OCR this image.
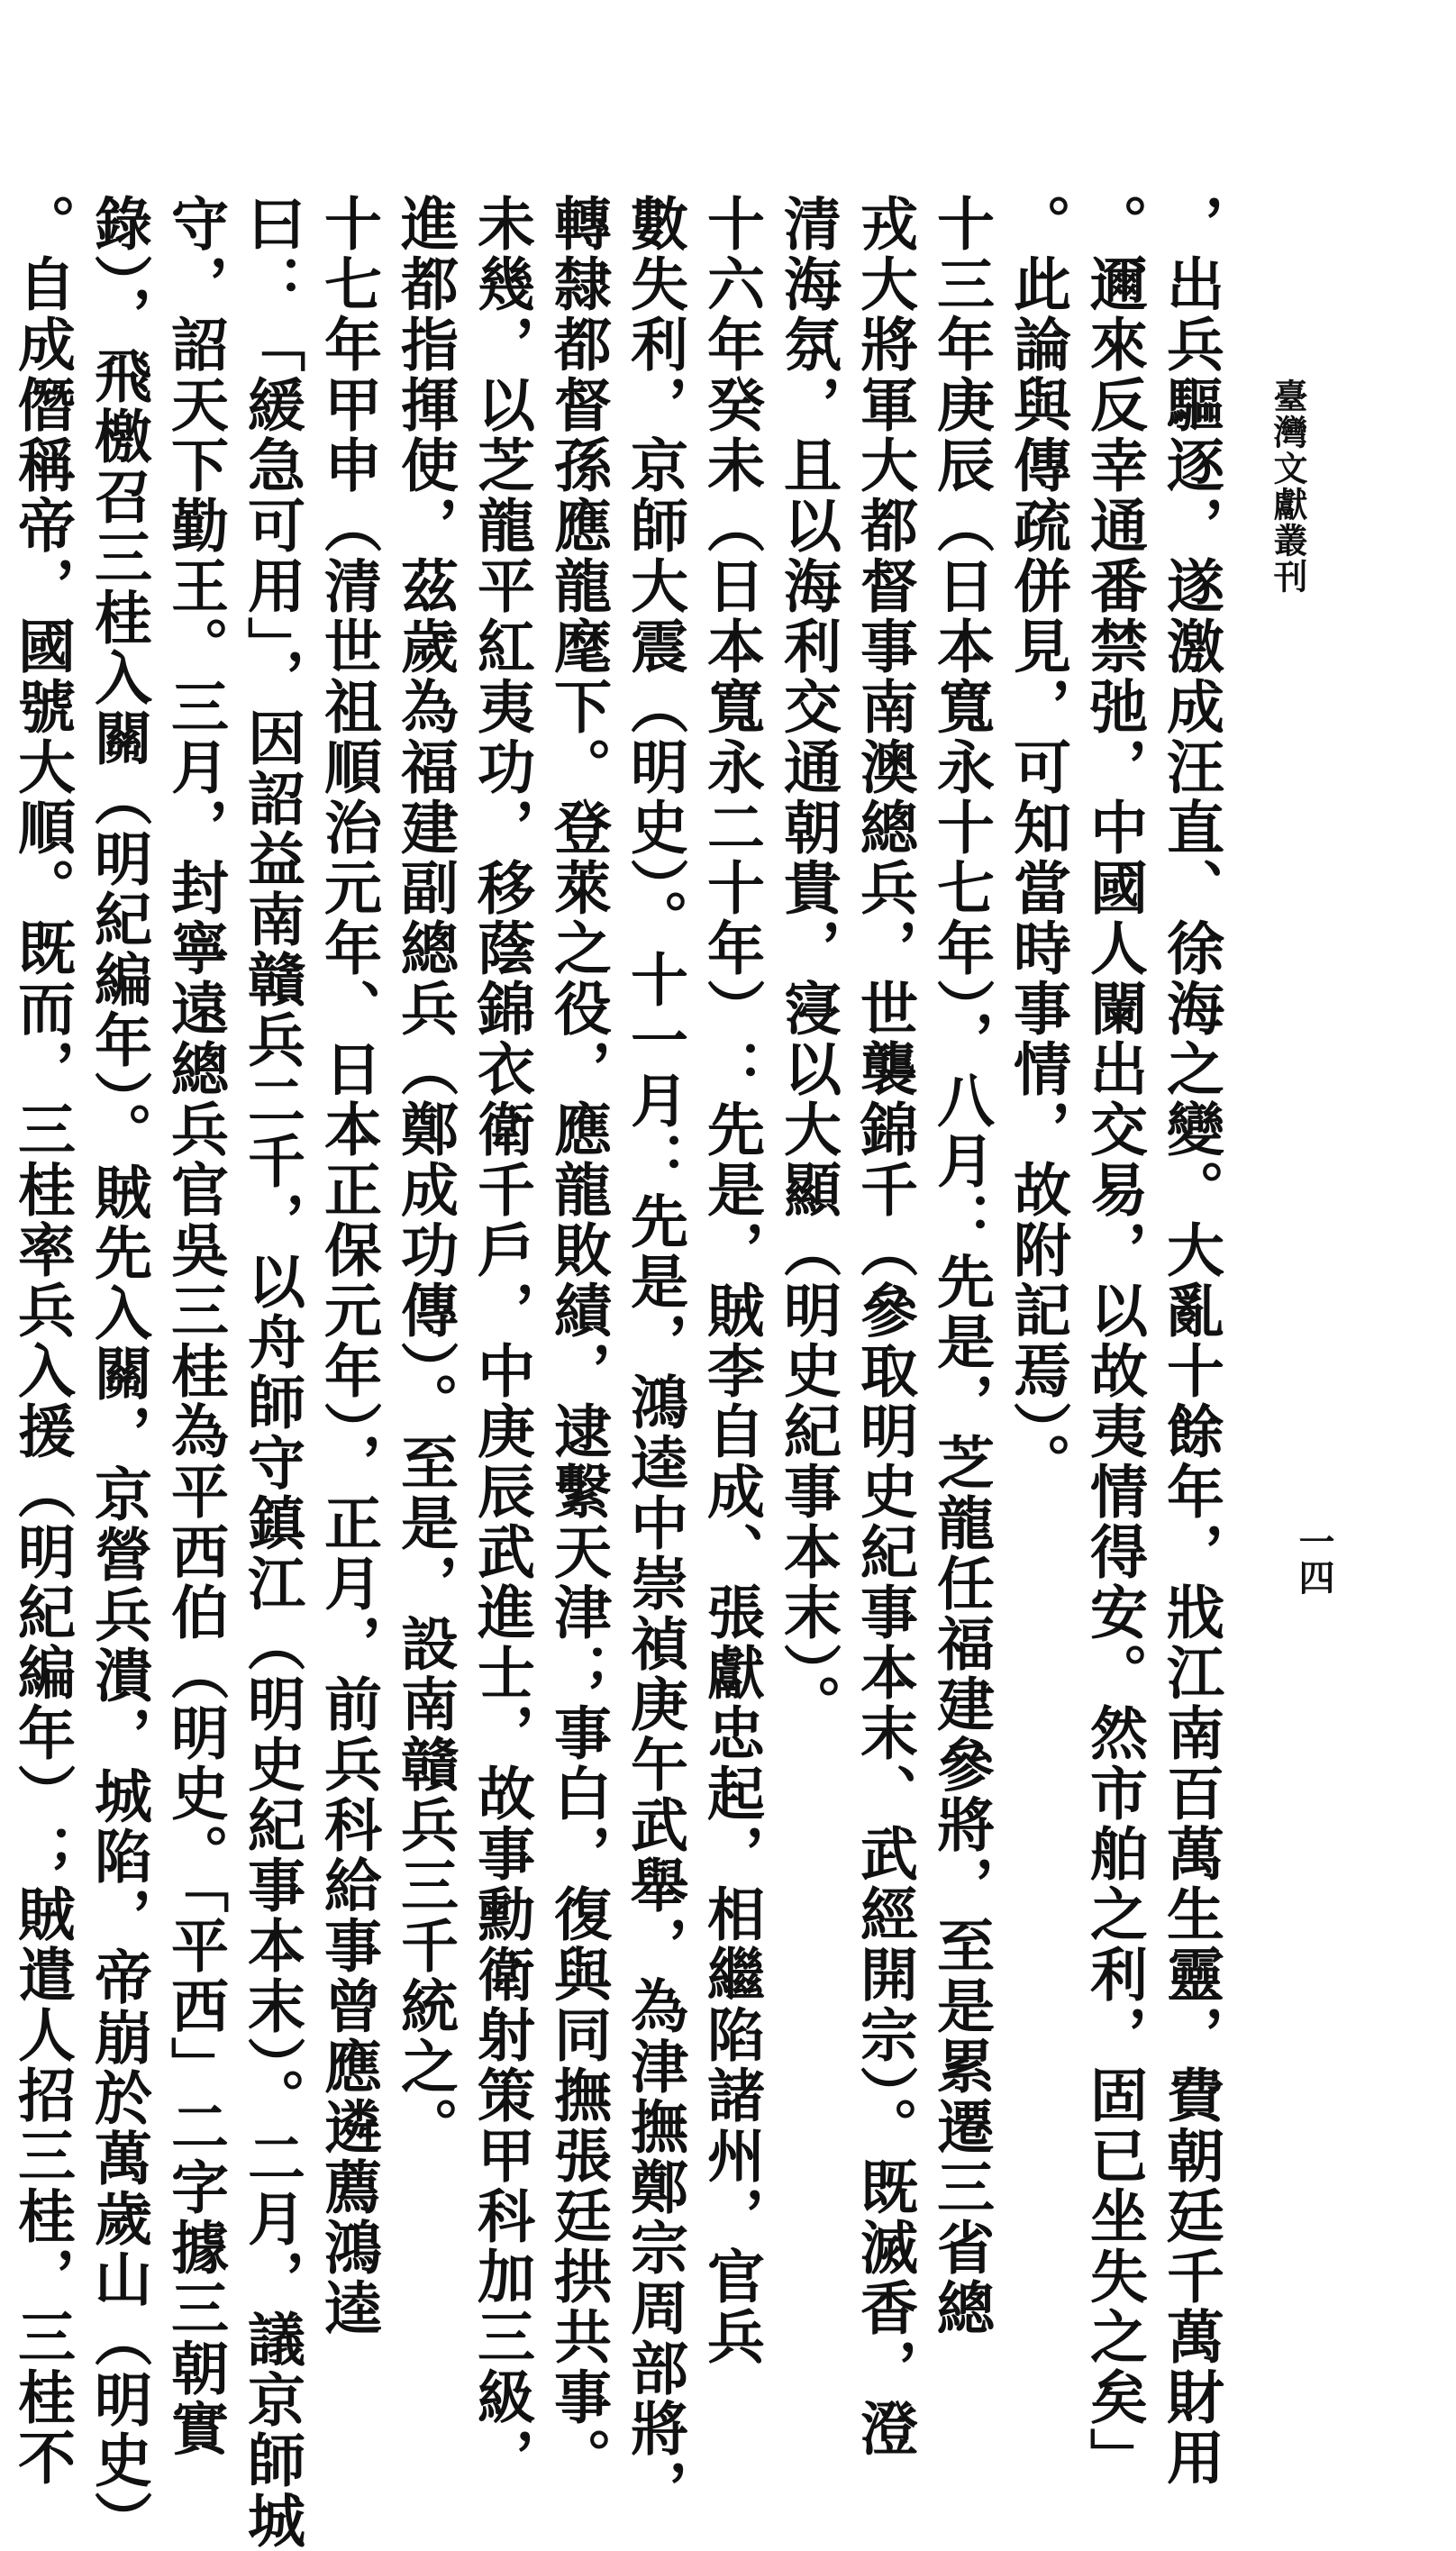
臺灣文獻叢刊
一四
，出兵驅逐，遂激成汪直、徐海之變。大亂十餘年，戕江南百萬生靈，費朝廷千萬財用
。邇來反幸通番禁弛，中國人闌出交易，以故夷情得安。然市舶之利，固已坐失之矣」
。此論與傳疏併見，可知當時事情，故附記焉）。
十三年庚辰（日本寬永十七年），八月：先是，芝龍任福建參將，至是累遷三省總
戎大將軍大都督事南澳總兵，世襲錦千（參取明史紀事本末、武經開宗）。既滅香，澄
清海氛，且以海利交通朝貴，寖以大顯（明史紀事本末）。
十六年癸未（日本寬永二十年）：先是，賊李自成、張獻忠起，相繼陷諸州，官兵
數失利，京師大震（明史）。十一月：先是，鴻逵中崇禎庚午武舉，為津撫鄭宗周部將，
轉隸都督孫應龍麾下。登萊之役，應龍敗績，逮繫天津；事白，復與同撫張廷拱共事。
未幾，以芝龍平紅夷功，移蔭錦衣衛千戶，中庚辰武進士，故事勳衛射策甲科加三級，
進都指揮使，茲歲為福建副總兵（鄭成功傳）。至是，設南贛兵三千統之。
十七年甲申（清世祖順治元年、日本正保元年），正月，前兵科給事曾應遴薦鴻逵
曰：「緩急可用」，因詔益南贛兵二千，以舟師守鎮江（明史紀事本末）。二月，議京師城
守，詔天下勤王。三月，封寧遠總兵官吳三桂為平西伯（明史。「平西」二字據三朝實
錄），飛檄召三桂入關（明紀編年）。賊先入關，京營兵潰，城陷，帝崩於萬歲山（明史）
。自成僭稱帝，國號大順。既而，三桂率兵入援（明紀編年）；賊遣人招三桂，三桂不
